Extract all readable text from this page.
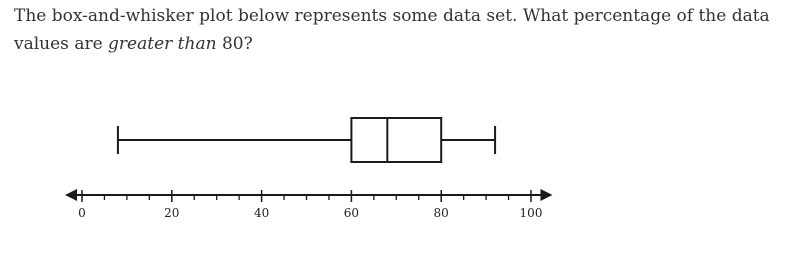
The box-and-whisker plot below represents some data set. What percentage of the data values are greater than 80?
0	20	40	60	80	100
